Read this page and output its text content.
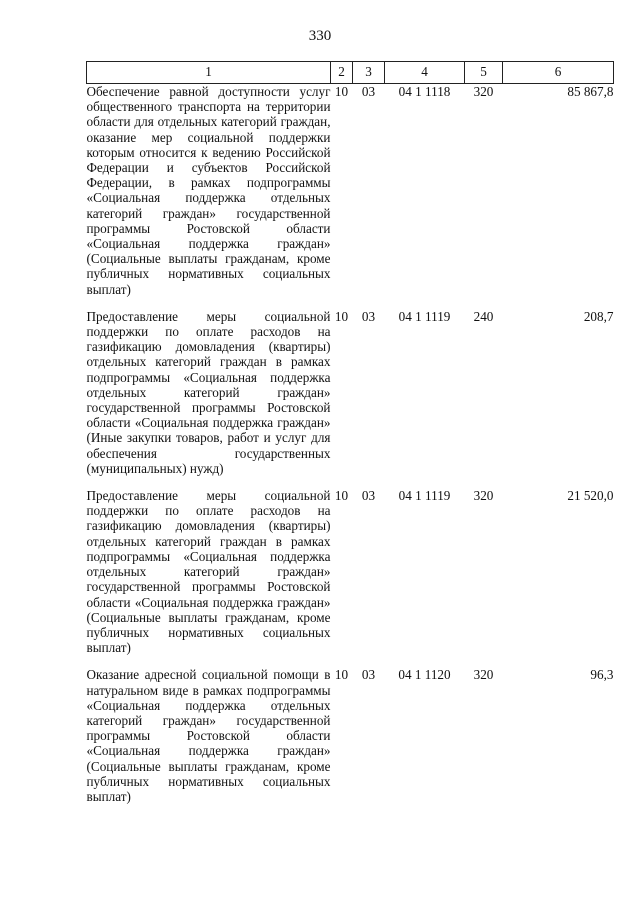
330
1	2	3	4	5	6
Обеспечение равной доступности услуг общественного транспорта на территории области для отдельных категорий граждан, оказание мер социальной поддержки которым относится к ведению Российской Федерации и субъектов Российской Федерации, в рамках подпрограммы «Социальная поддержка отдельных категорий граждан» государственной программы Ростовской области «Социальная поддержка граждан» (Социальные выплаты гражданам, кроме публичных нормативных социальных выплат)	10	03	04 1 1118	320	85 867,8
Предоставление меры социальной поддержки по оплате расходов на газификацию домовладения (квартиры) отдельных категорий граждан в рамках подпрограммы «Социальная поддержка отдельных категорий граждан» государственной программы Ростовской области «Социальная поддержка граждан» (Иные закупки товаров, работ и услуг для обеспечения государственных (муниципальных) нужд)	10	03	04 1 1119	240	208,7
Предоставление меры социальной поддержки по оплате расходов на газификацию домовладения (квартиры) отдельных категорий граждан в рамках подпрограммы «Социальная поддержка отдельных категорий граждан» государственной программы Ростовской области «Социальная поддержка граждан» (Социальные выплаты гражданам, кроме публичных нормативных социальных выплат)	10	03	04 1 1119	320	21 520,0
Оказание адресной социальной помощи в натуральном виде в рамках подпрограммы «Социальная поддержка отдельных категорий граждан» государственной программы Ростовской области «Социальная поддержка граждан» (Социальные выплаты гражданам, кроме публичных нормативных социальных выплат)	10	03	04 1 1120	320	96,3
